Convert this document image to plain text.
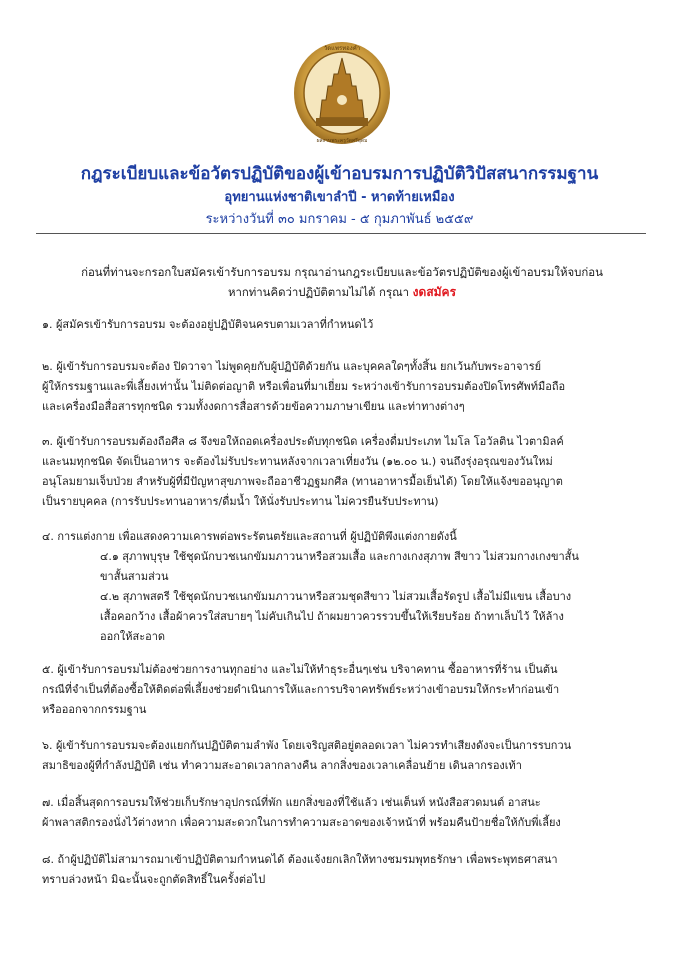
วัดแพรทองคำ
ผลงานพระครูวัดศรีอุดม
กฎระเบียบและข้อวัตรปฏิบัติของผู้เข้าอบรมการปฏิบัติวิปัสสนากรรมฐาน
อุทยานแห่งชาติเขาลำปี - หาดท้ายเหมือง
ระหว่างวันที่ ๓๐ มกราคม - ๕ กุมภาพันธ์ ๒๕๕๙
ก่อนที่ท่านจะกรอกใบสมัครเข้ารับการอบรม กรุณาอ่านกฎระเบียบและข้อวัตรปฏิบัติของผู้เข้าอบรมให้จบก่อน
หากท่านคิดว่าปฏิบัติตามไม่ได้ กรุณา งดสมัคร

๑. ผู้สมัครเข้ารับการอบรม จะต้องอยู่ปฏิบัติจนครบตามเวลาที่กำหนดไว้

๒. ผู้เข้ารับการอบรมจะต้อง ปิดวาจา ไม่พูดคุยกับผู้ปฏิบัติด้วยกัน และบุคคลใดๆทั้งสิ้น ยกเว้นกับพระอาจารย์

ผู้ให้กรรมฐานและพี่เลี้ยงเท่านั้น ไม่ติดต่อญาติ หรือเพื่อนที่มาเยี่ยม ระหว่างเข้ารับการอบรมต้องปิดโทรศัพท์มือถือ

และเครื่องมือสื่อสารทุกชนิด รวมทั้งงดการสื่อสารด้วยข้อความภาษาเขียน และท่าทางต่างๆ

๓. ผู้เข้ารับการอบรมต้องถือศีล ๘ จึงขอให้ถอดเครื่องประดับทุกชนิด เครื่องดื่มประเภท ไมโล โอวัลติน ไวตามิลค์

และนมทุกชนิด จัดเป็นอาหาร จะต้องไม่รับประทานหลังจากเวลาเที่ยงวัน (๑๒.๐๐ น.) จนถึงรุ่งอรุณของวันใหม่

อนุโลมยามเจ็บป่วย สำหรับผู้ที่มีปัญหาสุขภาพจะถืออาชีวฏฐมกศีล (ทานอาหารมื้อเย็นได้) โดยให้แจ้งขออนุญาต

เป็นรายบุคคล (การรับประทานอาหาร/ดื่มน้ำ ให้นั่งรับประทาน ไม่ควรยืนรับประทาน)

๔. การแต่งกาย เพื่อแสดงความเคารพต่อพระรัตนตรัยและสถานที่ ผู้ปฏิบัติพึงแต่งกายดังนี้

๔.๑ สุภาพบุรุษ ใช้ชุดนักบวชเนกขัมมภาวนาหรือสวมเสื้อ และกางเกงสุภาพ สีขาว ไม่สวมกางเกงขาสั้น

ขาสั้นสามส่วน

๔.๒ สุภาพสตรี ใช้ชุดนักบวชเนกขัมมภาวนาหรือสวมชุดสีขาว ไม่สวมเสื้อรัดรูป เสื้อไม่มีแขน เสื้อบาง

เสื้อคอกว้าง เสื้อผ้าควรใส่สบายๆ ไม่คับเกินไป ถ้าผมยาวควรรวบขึ้นให้เรียบร้อย ถ้าทาเล็บไว้ ให้ล้าง

ออกให้สะอาด

๕. ผู้เข้ารับการอบรมไม่ต้องช่วยการงานทุกอย่าง และไม่ให้ทำธุระอื่นๆเช่น บริจาคทาน ซื้ออาหารที่ร้าน เป็นต้น

กรณีที่จำเป็นที่ต้องซื้อให้ติดต่อพี่เลี้ยงช่วยดำเนินการให้และการบริจาคทรัพย์ระหว่างเข้าอบรมให้กระทำก่อนเข้า

หรือออกจากกรรมฐาน

๖. ผู้เข้ารับการอบรมจะต้องแยกกันปฏิบัติตามลำพัง โดยเจริญสติอยู่ตลอดเวลา ไม่ควรทำเสียงดังจะเป็นการรบกวน

สมาธิของผู้ที่กำลังปฏิบัติ เช่น ทำความสะอาดเวลากลางคืน ลากสิ่งของเวลาเคลื่อนย้าย เดินลากรองเท้า

๗. เมื่อสิ้นสุดการอบรมให้ช่วยเก็บรักษาอุปกรณ์ที่พัก แยกสิ่งของที่ใช้แล้ว เช่นเต็นท์ หนังสือสวดมนต์ อาสนะ

ผ้าพลาสติกรองนั่งไว้ต่างหาก เพื่อความสะดวกในการทำความสะอาดของเจ้าหน้าที่ พร้อมคืนป้ายชื่อให้กับพี่เลี้ยง

๘. ถ้าผู้ปฏิบัติไม่สามารถมาเข้าปฏิบัติตามกำหนดได้ ต้องแจ้งยกเลิกให้ทางชมรมพุทธรักษา เพื่อพระพุทธศาสนา

ทราบล่วงหน้า มิฉะนั้นจะถูกตัดสิทธิ์ในครั้งต่อไป
